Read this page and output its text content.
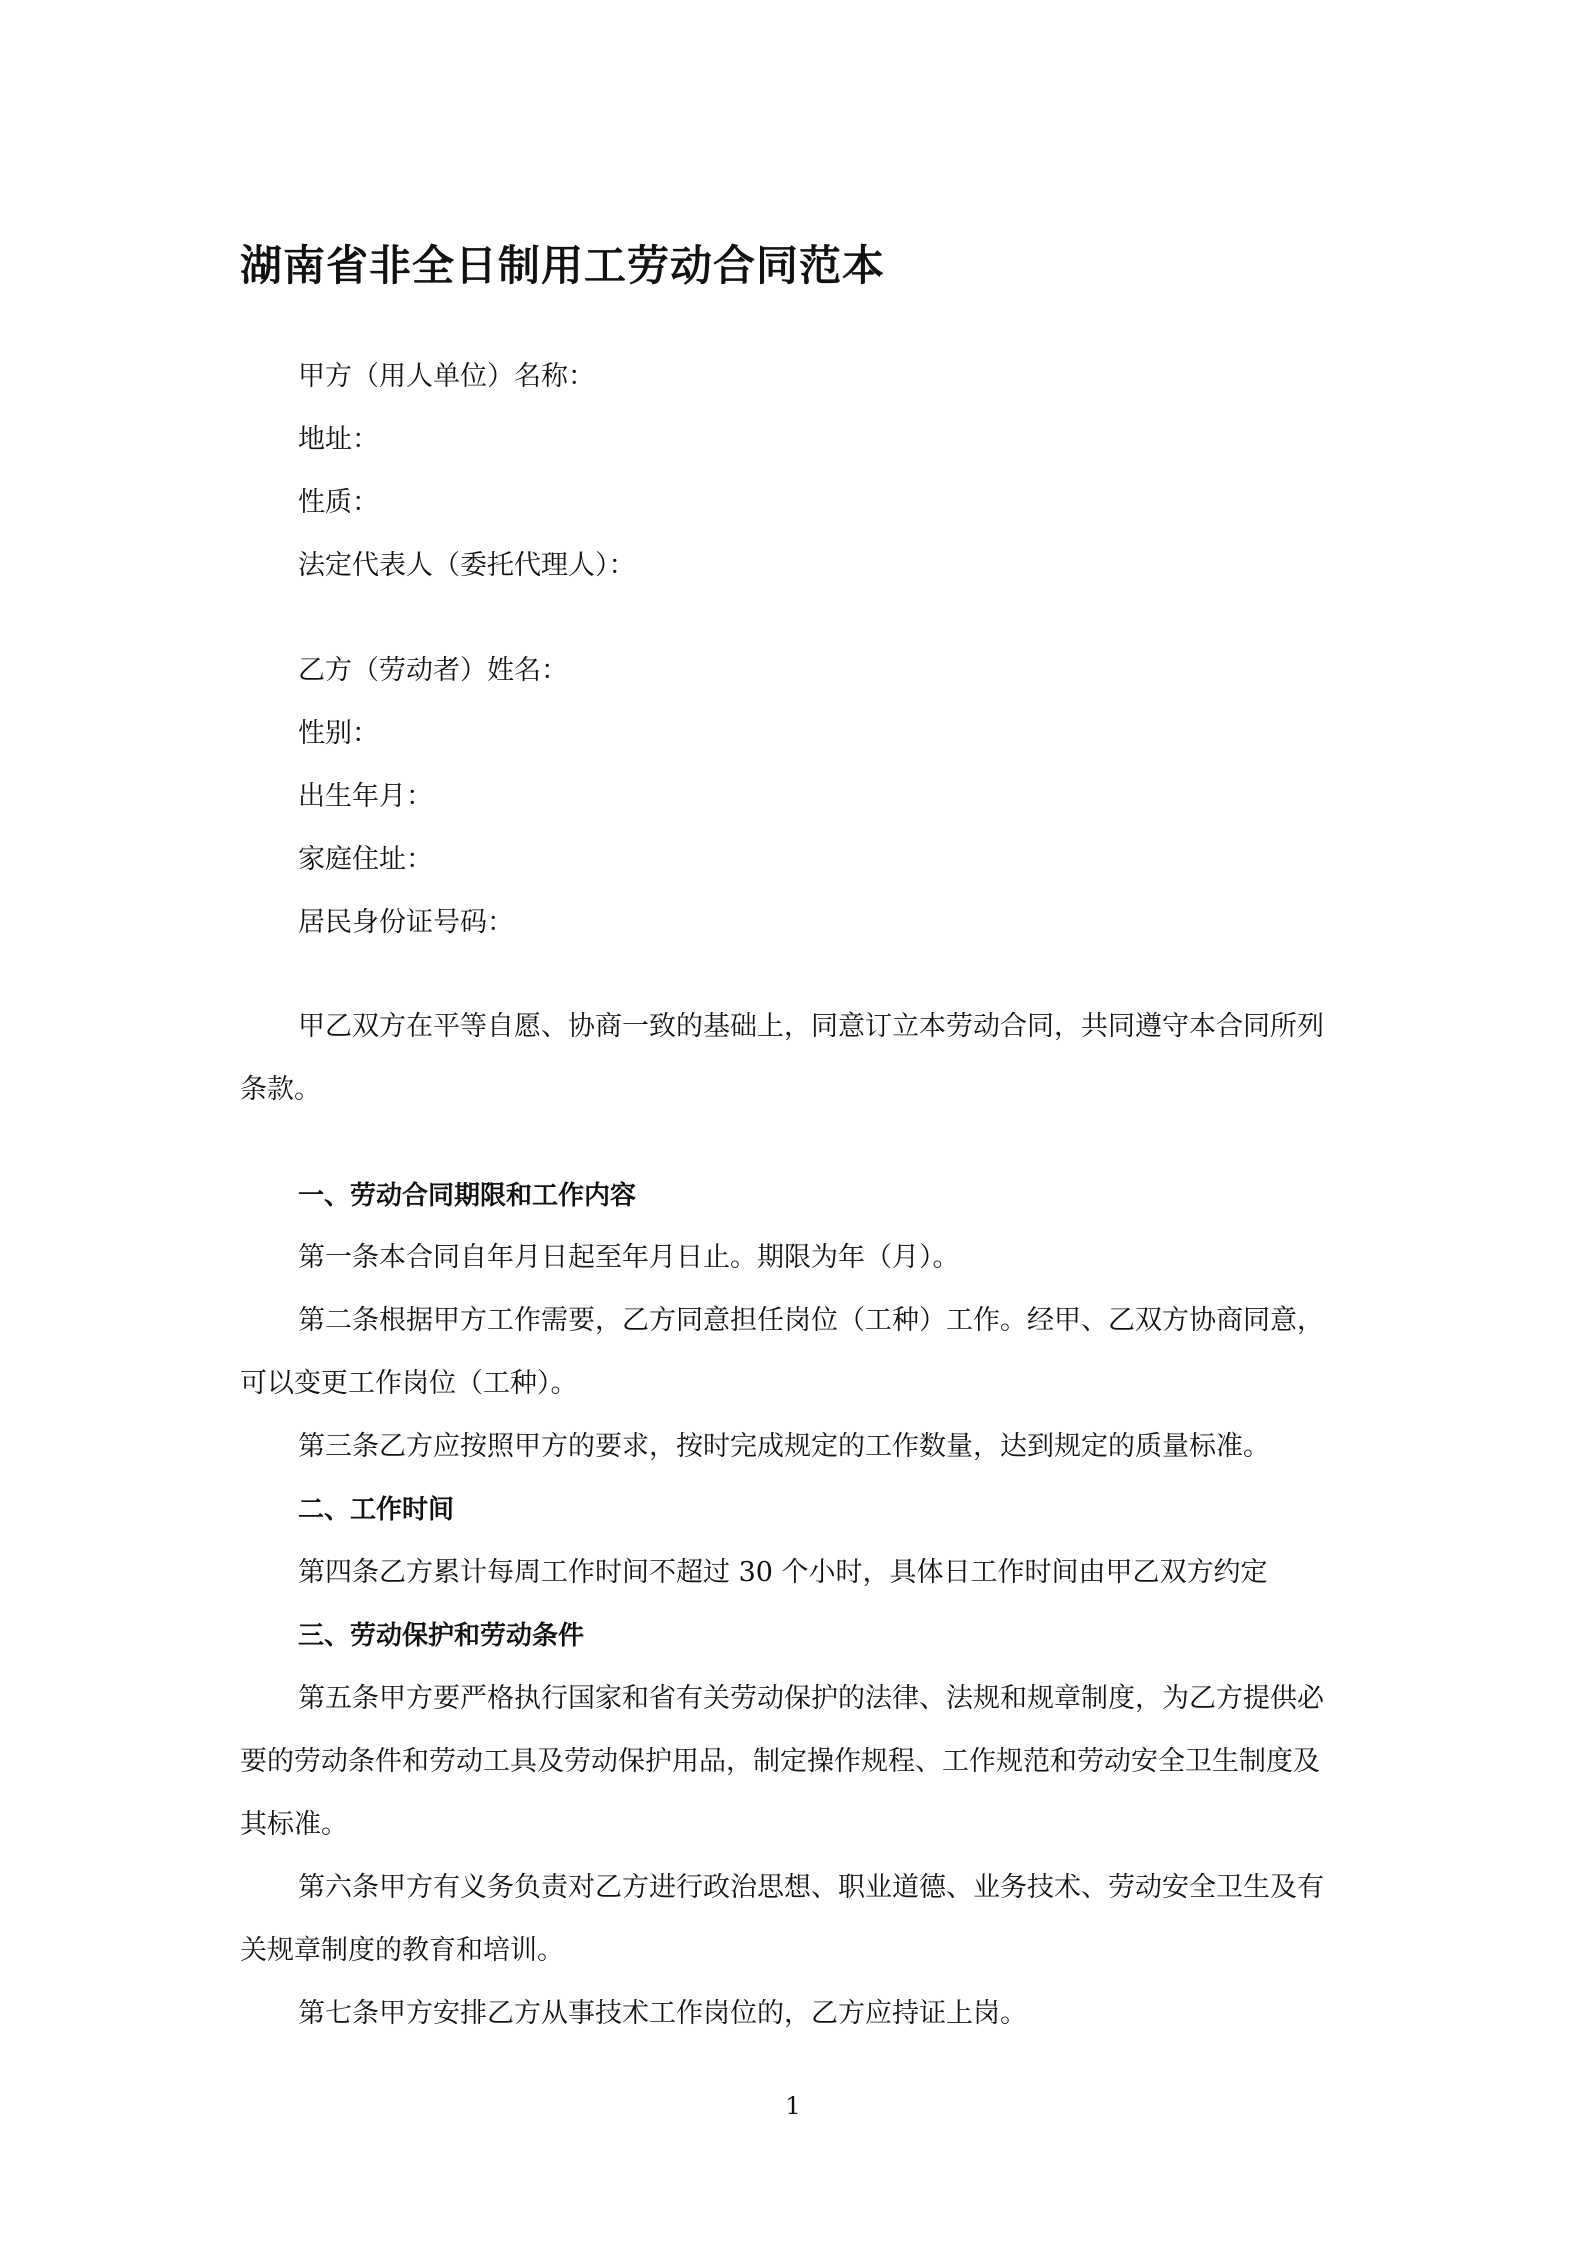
湖南省非全日制用工劳动合同范本
甲方（用人单位）名称：
地址：
性质：
法定代表人（委托代理人）：
乙方（劳动者）姓名：
性别：
出生年月：
家庭住址：
居民身份证号码：
甲乙双方在平等自愿、协商一致的基础上，同意订立本劳动合同，共同遵守本合同所列
条款。
一、劳动合同期限和工作内容
第一条本合同自年月日起至年月日止。期限为年（月）。
第二条根据甲方工作需要，乙方同意担任岗位（工种）工作。经甲、乙双方协商同意，
可以变更工作岗位（工种）。
第三条乙方应按照甲方的要求，按时完成规定的工作数量，达到规定的质量标准。
二、工作时间
第四条乙方累计每周工作时间不超过 30 个小时，具体日工作时间由甲乙双方约定
三、劳动保护和劳动条件
第五条甲方要严格执行国家和省有关劳动保护的法律、法规和规章制度，为乙方提供必
要的劳动条件和劳动工具及劳动保护用品，制定操作规程、工作规范和劳动安全卫生制度及
其标准。
第六条甲方有义务负责对乙方进行政治思想、职业道德、业务技术、劳动安全卫生及有
关规章制度的教育和培训。
第七条甲方安排乙方从事技术工作岗位的，乙方应持证上岗。
1
